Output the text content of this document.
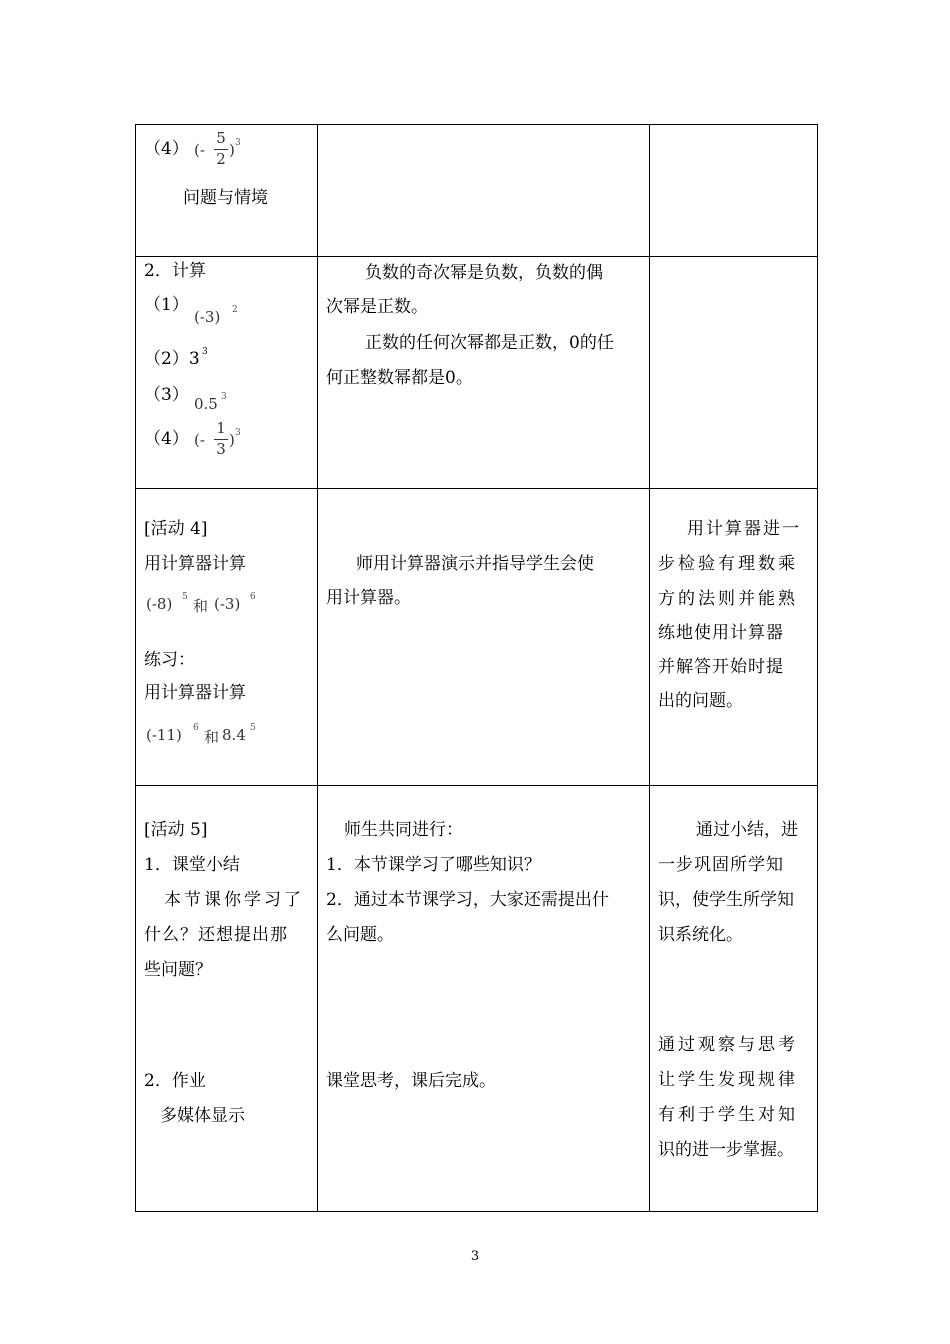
（4） (-
5
2 ) 3
问题与情境
2．计算
（1）
(-3) 2
（2）3 3
（3） 0.5 3
（4） (-
1
3 ) 3
负数的奇次幂是负数，负数的偶
次幂是正数。
正数的任何次幂都是正数，0的任
何正整数幂都是0。
[活动 4]
用计算器计算
(-8) 5 和 (-3) 6
练习：
用计算器计算
(-11) 6 和 8.4 5
师用计算器演示并指导学生会使
用计算器。
用计算器进一
步检验有理数乘
方的法则并能熟
练地使用计算器
并解答开始时提
出的问题。
[活动 5]
1．课堂小结
本节课你学习了
什么？还想提出那
些问题？
2．作业
多媒体显示
师生共同进行：
1．本节课学习了哪些知识？
2．通过本节课学习，大家还需提出什
么问题。
课堂思考，课后完成。
通过小结，进
一步巩固所学知
识，使学生所学知
识系统化。
通过观察与思考
让学生发现规律
有利于学生对知
识的进一步掌握。
3
